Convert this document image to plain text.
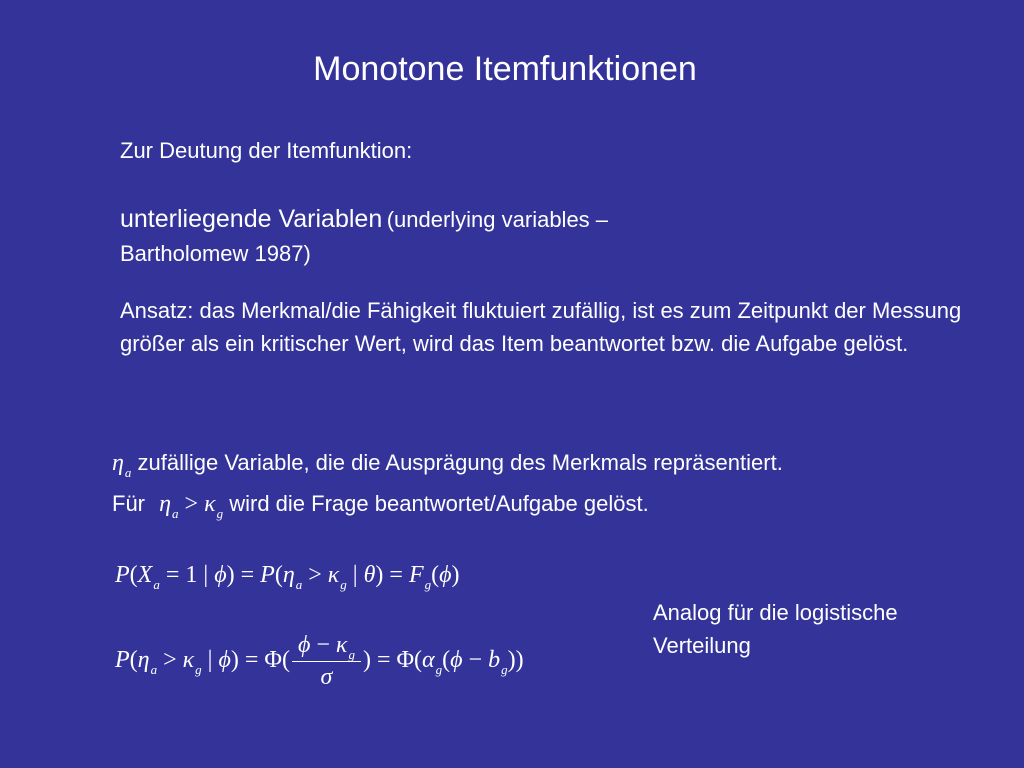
Monotone Itemfunktionen
Zur Deutung der Itemfunktion:
unterliegende Variablen (underlying variables –
Bartholomew 1987)
Ansatz: das Merkmal/die Fähigkeit fluktuiert zufällig, ist es zum Zeitpunkt der Messung größer als ein kritischer Wert, wird das Item beantwortet bzw. die Aufgabe gelöst.
$\eta_a$ zufällige Variable, die die Ausprägung des Merkmals repräsentiert.
Für $\eta_a > \kappa_g$ wird die Frage beantwortet/Aufgabe gelöst.
$P(X_a = 1$ | $\phi) = P(\eta_a > \kappa_g$ | $\theta) = F_g(\phi)$
Analog für die logistische Verteilung
$P(\eta_a > \kappa_g$ | $\phi) = \Phi( \frac{\phi - \kappa_g}{\sigma}$ ) = $\Phi(\alpha_g(\phi - b_g))$
